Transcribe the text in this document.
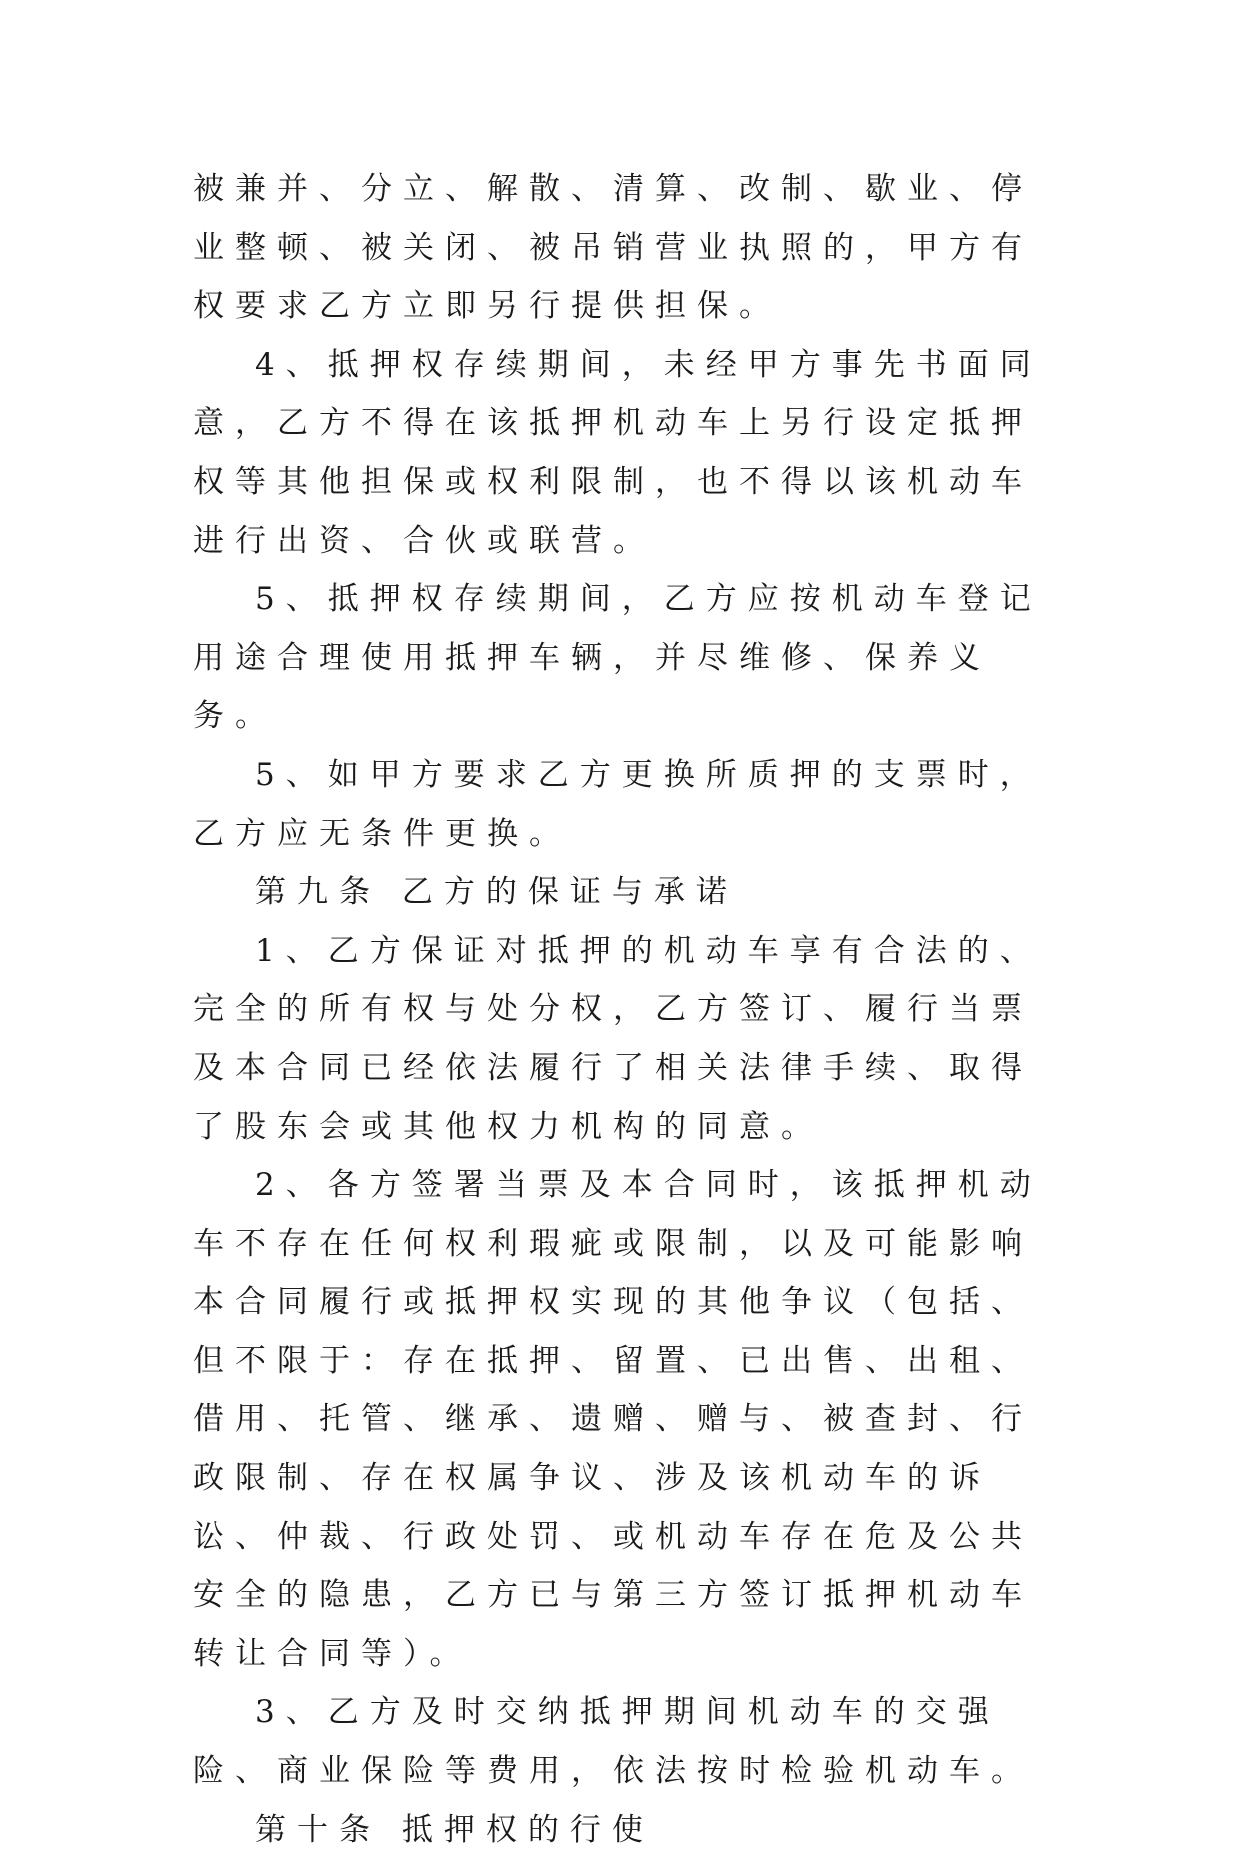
被兼并、分立、解散、清算、改制、歇业、停业整顿、被关闭、被吊销营业执照的，甲方有权要求乙方立即另行提供担保。

4、抵押权存续期间，未经甲方事先书面同意，乙方不得在该抵押机动车上另行设定抵押权等其他担保或权利限制，也不得以该机动车进行出资、合伙或联营。

5、抵押权存续期间，乙方应按机动车登记用途合理使用抵押车辆，并尽维修、保养义务。

5、如甲方要求乙方更换所质押的支票时，乙方应无条件更换。

第九条 乙方的保证与承诺

1、乙方保证对抵押的机动车享有合法的、完全的所有权与处分权，乙方签订、履行当票及本合同已经依法履行了相关法律手续、取得了股东会或其他权力机构的同意。

2、各方签署当票及本合同时，该抵押机动车不存在任何权利瑕疵或限制，以及可能影响本合同履行或抵押权实现的其他争议（包括、但不限于：存在抵押、留置、已出售、出租、借用、托管、继承、遗赠、赠与、被查封、行政限制、存在权属争议、涉及该机动车的诉讼、仲裁、行政处罚、或机动车存在危及公共安全的隐患，乙方已与第三方签订抵押机动车转让合同等）。

3、乙方及时交纳抵押期间机动车的交强险、商业保险等费用，依法按时检验机动车。

第十条 抵押权的行使
